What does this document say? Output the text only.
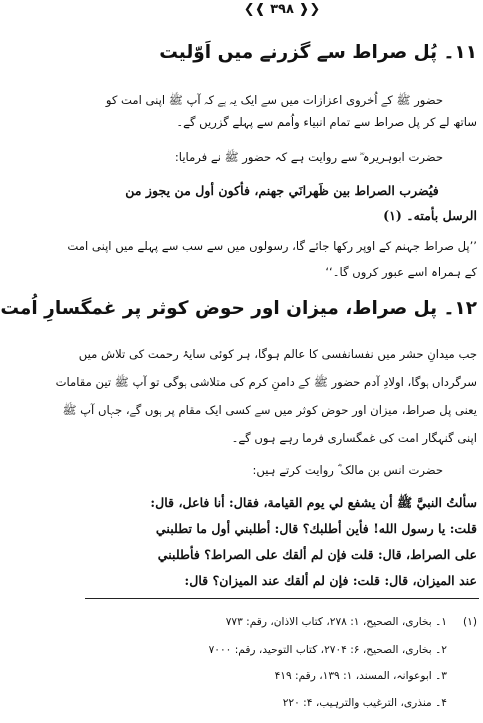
❮❰ ۳۹۸ ❱❯
۱۱۔ پُل صراط سے گزرنے میں اَوّلیت
حضور ﷺ کے اُخروی اعزازات میں سے ایک یہ ہے کہ آپ ﷺ اپنی امت کو
ساتھ لے کر پل صراط سے تمام انبیاء واُمم سے پہلے گزریں گے۔
حضرت ابوہریرہ ؓ سے روایت ہے کہ حضور ﷺ نے فرمایا:
فيُضرب الصراط بين ظَهرانَي جهنم، فأكون أول من يجوز من
الرسل بأمته۔ (۱)
’’پل صراط جہنم کے اوپر رکھا جائے گا، رسولوں میں سے سب سے پہلے میں اپنی امت
کے ہمراہ اسے عبور کروں گا۔‘‘
۱۲۔ پل صراط، میزان اور حوض کوثر پر غمگسارِ اُمت
جب میدانِ حشر میں نفسانفسی کا عالم ہوگا، ہر کوئی سایۂ رحمت کی تلاش میں
سرگرداں ہوگا، اولادِ آدم حضور ﷺ کے دامنِ کرم کی متلاشی ہوگی تو آپ ﷺ تین مقامات
یعنی پل صراط، میزان اور حوض کوثر میں سے کسی ایک مقام پر ہوں گے، جہاں آپ ﷺ
اپنی گنہگار امت کی غمگساری فرما رہے ہوں گے۔
حضرت انس بن مالک ؓ روایت کرتے ہیں:
سألتُ النبيَّ ﷺ أن يشفع لي يوم القيامة، فقال: أنا فاعل، قال:
قلت: يا رسول الله! فأين أطلبك؟ قال: أطلبني أول ما تطلبني
على الصراط، قال: قلت فإن لم ألقك على الصراط؟ فأطلبني
عند الميزان، قال: قلت: فإن لم ألقك عند الميزان؟ قال:
(۱)
۱۔ بخاری، الصحیح، ۱: ۲۷۸، کتاب الاذان، رقم: ۷۷۳
۲۔ بخاری، الصحیح، ۶: ۲۷۰۴، کتاب التوحید، رقم: ۷۰۰۰
۳۔ ابوعوانہ، المسند، ۱: ۱۳۹، رقم: ۴۱۹
۴۔ منذری، الترغیب والترہیب، ۴: ۲۲۰
